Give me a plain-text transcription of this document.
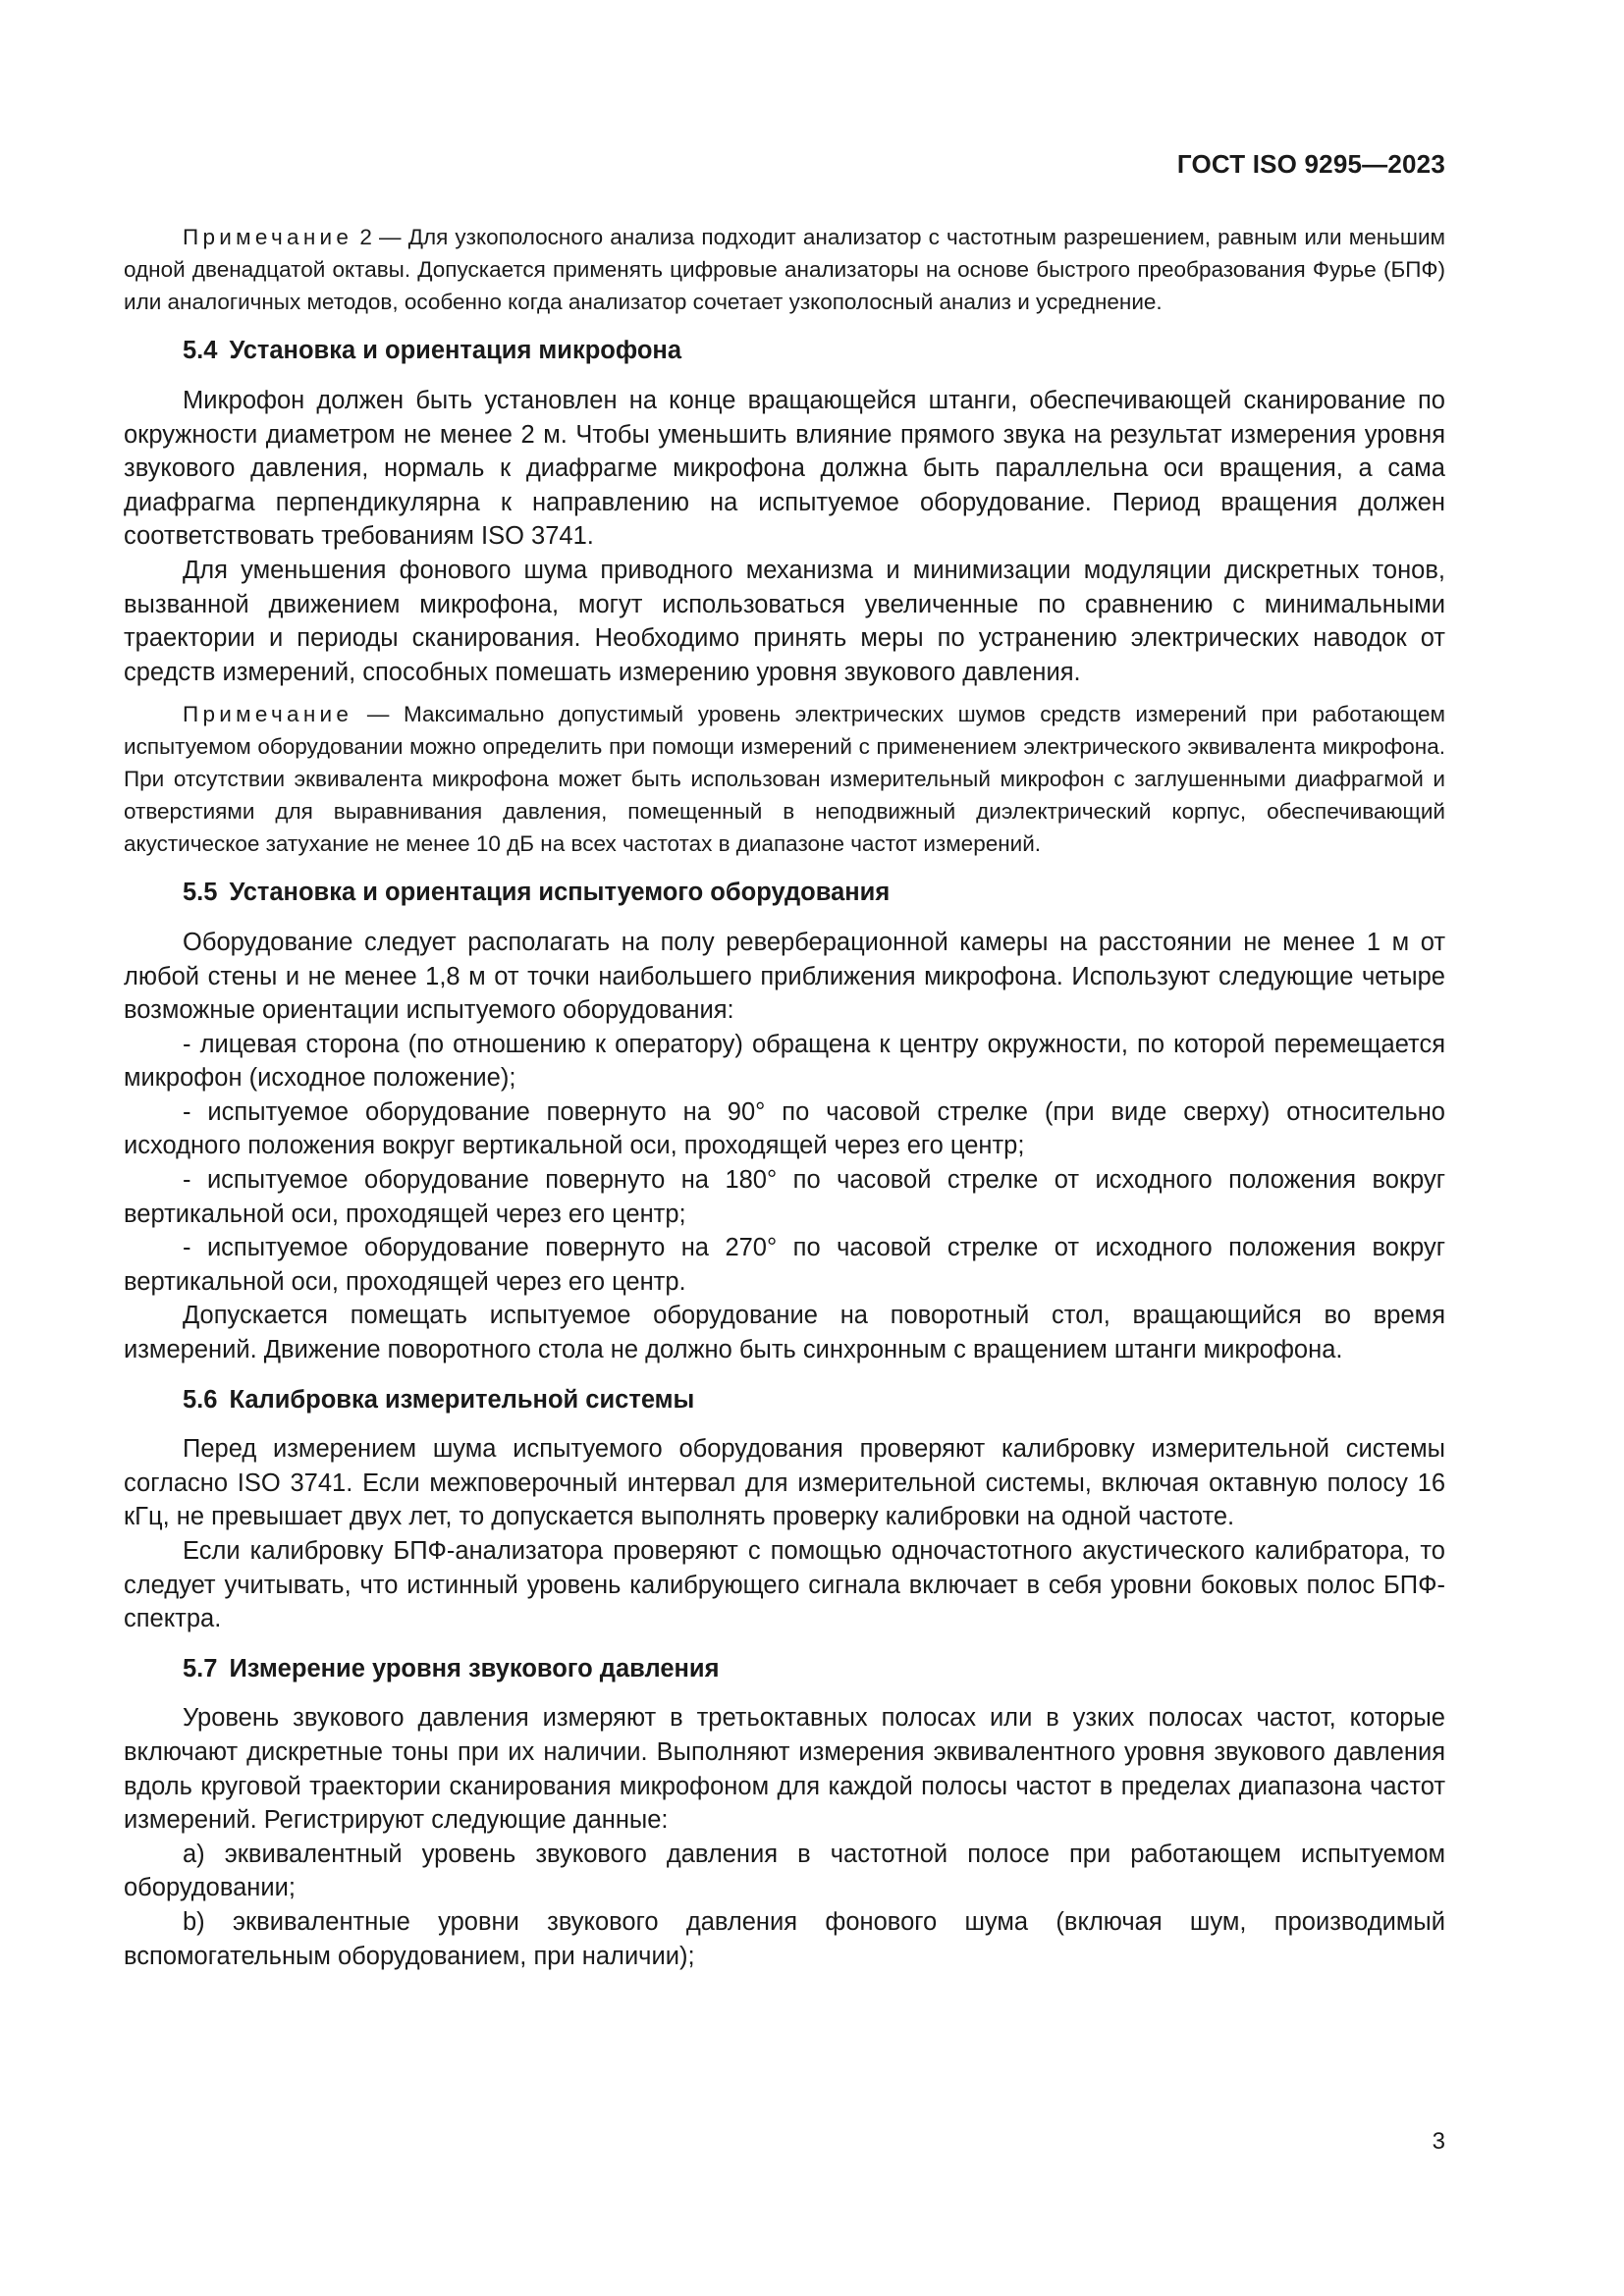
ГОСТ ISO 9295—2023

Примечание 2 — Для узкополосного анализа подходит анализатор с частотным разрешением, равным или меньшим одной двенадцатой октавы. Допускается применять цифровые анализаторы на основе быстрого преобразования Фурье (БПФ) или аналогичных методов, особенно когда анализатор сочетает узкополосный анализ и усреднение.

5.4 Установка и ориентация микрофона

Микрофон должен быть установлен на конце вращающейся штанги, обеспечивающей сканирование по окружности диаметром не менее 2 м. Чтобы уменьшить влияние прямого звука на результат измерения уровня звукового давления, нормаль к диафрагме микрофона должна быть параллельна оси вращения, а сама диафрагма перпендикулярна к направлению на испытуемое оборудование. Период вращения должен соответствовать требованиям ISO 3741.

Для уменьшения фонового шума приводного механизма и минимизации модуляции дискретных тонов, вызванной движением микрофона, могут использоваться увеличенные по сравнению с минимальными траектории и периоды сканирования. Необходимо принять меры по устранению электрических наводок от средств измерений, способных помешать измерению уровня звукового давления.

Примечание — Максимально допустимый уровень электрических шумов средств измерений при работающем испытуемом оборудовании можно определить при помощи измерений с применением электрического эквивалента микрофона. При отсутствии эквивалента микрофона может быть использован измерительный микрофон с заглушенными диафрагмой и отверстиями для выравнивания давления, помещенный в неподвижный диэлектрический корпус, обеспечивающий акустическое затухание не менее 10 дБ на всех частотах в диапазоне частот измерений.

5.5 Установка и ориентация испытуемого оборудования

Оборудование следует располагать на полу реверберационной камеры на расстоянии не менее 1 м от любой стены и не менее 1,8 м от точки наибольшего приближения микрофона. Используют следующие четыре возможные ориентации испытуемого оборудования:

- лицевая сторона (по отношению к оператору) обращена к центру окружности, по которой перемещается микрофон (исходное положение);

- испытуемое оборудование повернуто на 90° по часовой стрелке (при виде сверху) относительно исходного положения вокруг вертикальной оси, проходящей через его центр;

- испытуемое оборудование повернуто на 180° по часовой стрелке от исходного положения вокруг вертикальной оси, проходящей через его центр;

- испытуемое оборудование повернуто на 270° по часовой стрелке от исходного положения вокруг вертикальной оси, проходящей через его центр.

Допускается помещать испытуемое оборудование на поворотный стол, вращающийся во время измерений. Движение поворотного стола не должно быть синхронным с вращением штанги микрофона.

5.6 Калибровка измерительной системы

Перед измерением шума испытуемого оборудования проверяют калибровку измерительной системы согласно ISO 3741. Если межповерочный интервал для измерительной системы, включая октавную полосу 16 кГц, не превышает двух лет, то допускается выполнять проверку калибровки на одной частоте.

Если калибровку БПФ-анализатора проверяют с помощью одночастотного акустического калибратора, то следует учитывать, что истинный уровень калибрующего сигнала включает в себя уровни боковых полос БПФ-спектра.

5.7 Измерение уровня звукового давления

Уровень звукового давления измеряют в третьоктавных полосах или в узких полосах частот, которые включают дискретные тоны при их наличии. Выполняют измерения эквивалентного уровня звукового давления вдоль круговой траектории сканирования микрофоном для каждой полосы частот в пределах диапазона частот измерений. Регистрируют следующие данные:

a) эквивалентный уровень звукового давления в частотной полосе при работающем испытуемом оборудовании;

b) эквивалентные уровни звукового давления фонового шума (включая шум, производимый вспомогательным оборудованием, при наличии);

3
